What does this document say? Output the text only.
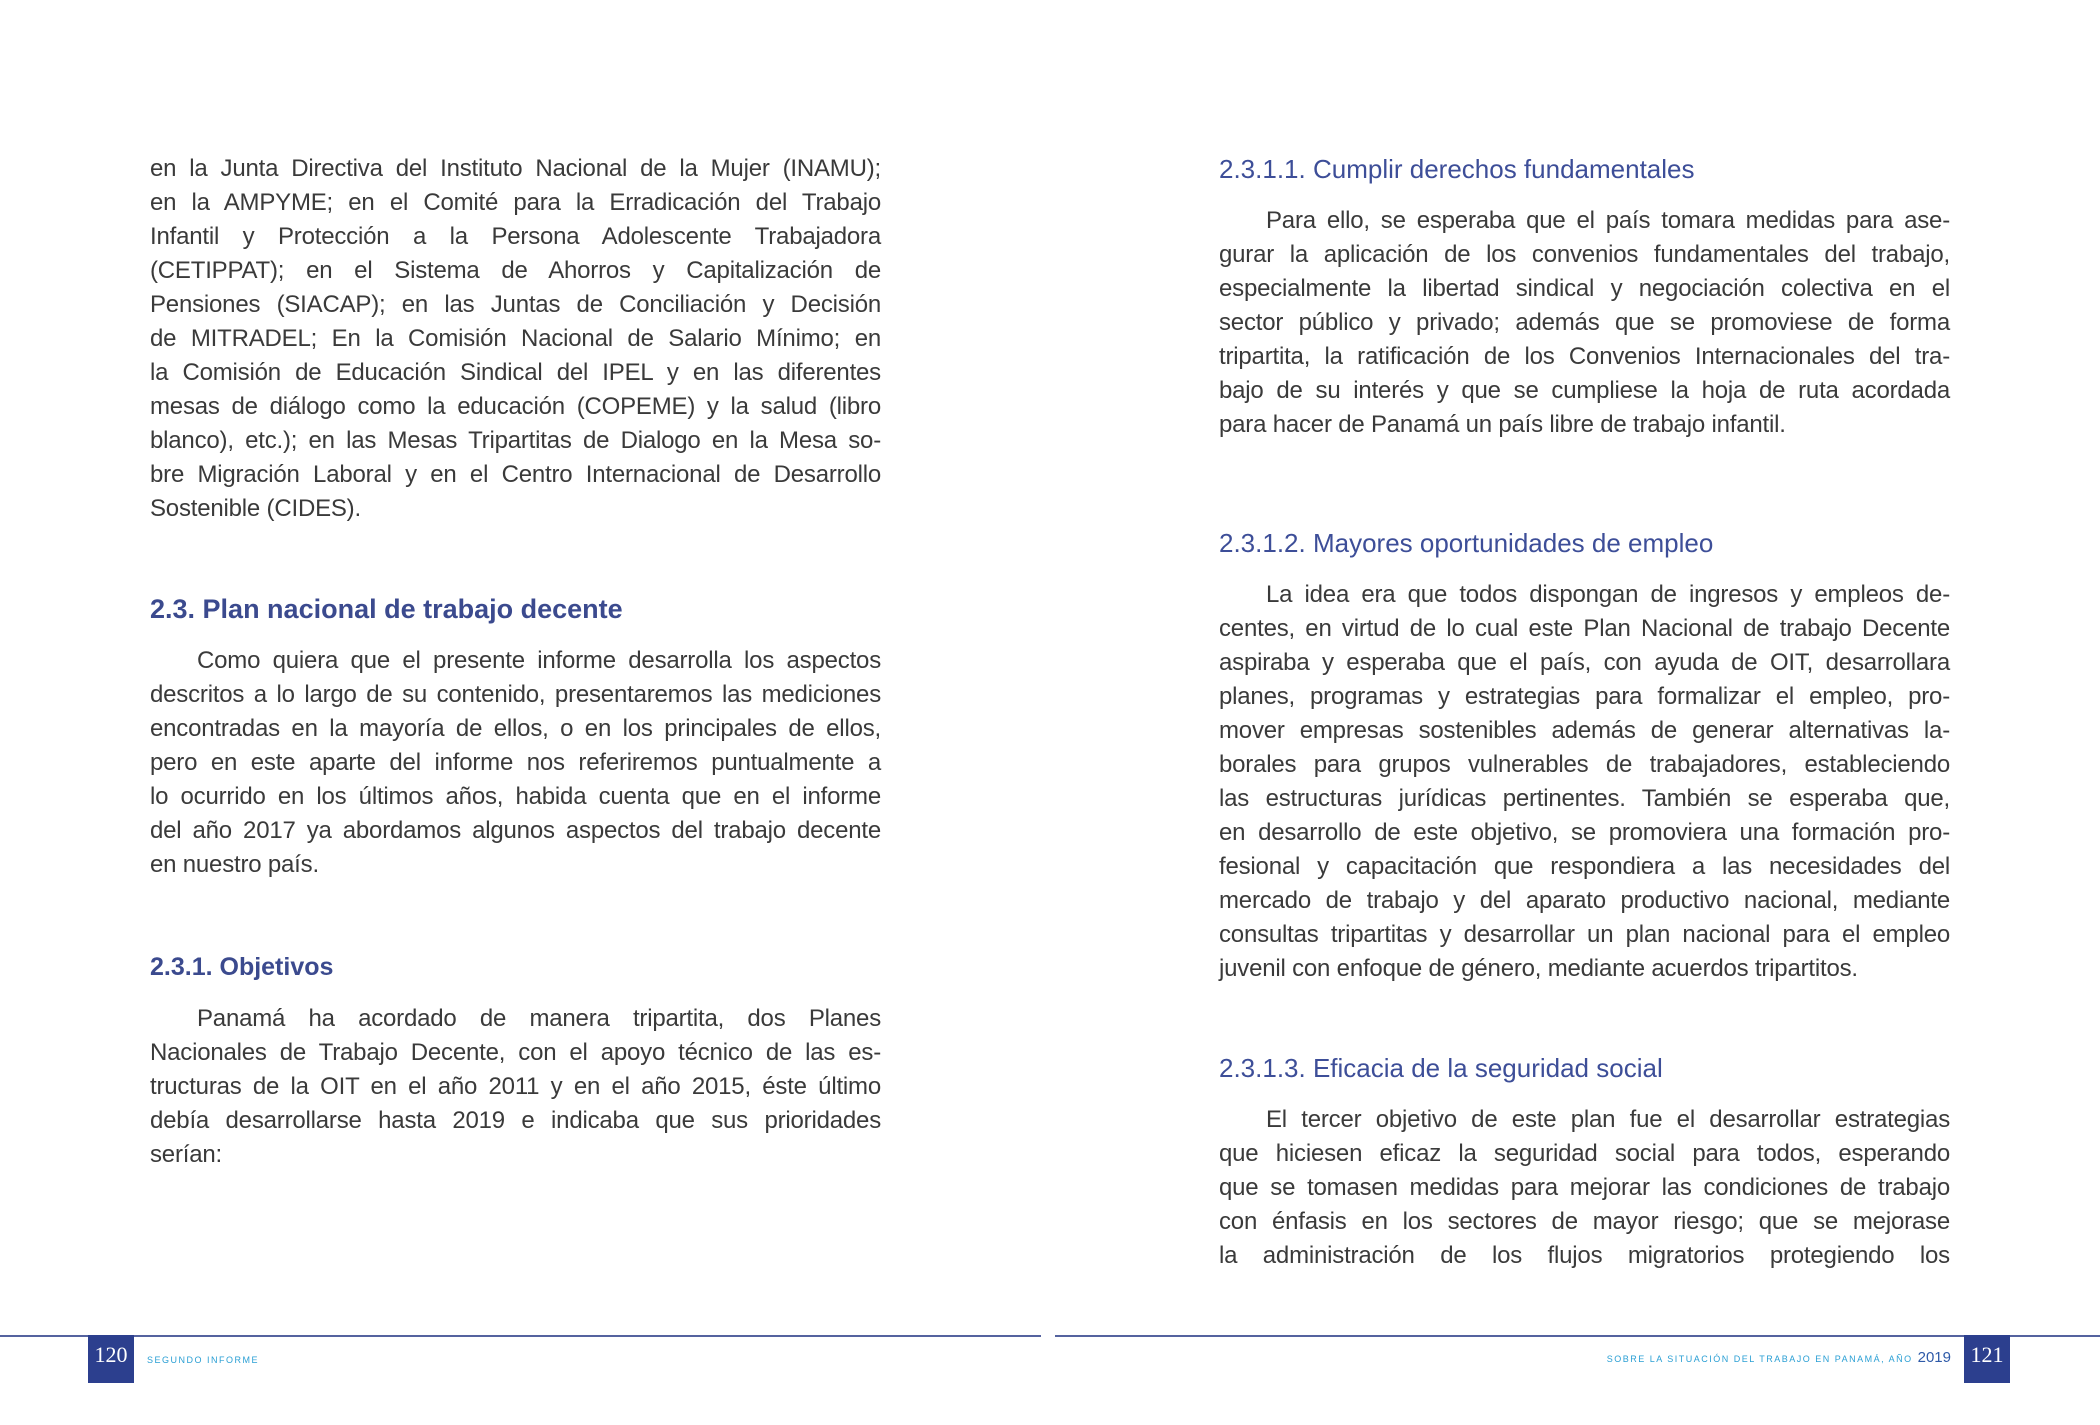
en la Junta Directiva del Instituto Nacional de la Mujer (INAMU);
en la AMPYME; en el Comité para la Erradicación del Trabajo
Infantil y Protección a la Persona Adolescente Trabajadora
(CETIPPAT); en el Sistema de Ahorros y Capitalización de
Pensiones (SIACAP); en las Juntas de Conciliación y Decisión
de MITRADEL; En la Comisión Nacional de Salario Mínimo; en
la Comisión de Educación Sindical del IPEL y en las diferentes
mesas de diálogo como la educación (COPEME) y la salud (libro
blanco), etc.); en las Mesas Tripartitas de Dialogo en la Mesa so-
bre Migración Laboral y en el Centro Internacional de Desarrollo
Sostenible (CIDES).
2.3. Plan nacional de trabajo decente
Como quiera que el presente informe desarrolla los aspectos
descritos a lo largo de su contenido, presentaremos las mediciones
encontradas en la mayoría de ellos, o en los principales de ellos,
pero en este aparte del informe nos referiremos puntualmente a
lo ocurrido en los últimos años, habida cuenta que en el informe
del año 2017 ya abordamos algunos aspectos del trabajo decente
en nuestro país.
2.3.1. Objetivos
Panamá ha acordado de manera tripartita, dos Planes
Nacionales de Trabajo Decente, con el apoyo técnico de las es-
tructuras de la OIT en el año 2011 y en el año 2015, éste último
debía desarrollarse hasta 2019 e indicaba que sus prioridades
serían:
2.3.1.1. Cumplir derechos fundamentales
Para ello, se esperaba que el país tomara medidas para ase-
gurar la aplicación de los convenios fundamentales del trabajo,
especialmente la libertad sindical y negociación colectiva en el
sector público y privado; además que se promoviese de forma
tripartita, la ratificación de los Convenios Internacionales del tra-
bajo de su interés y que se cumpliese la hoja de ruta acordada
para hacer de Panamá un país libre de trabajo infantil.
2.3.1.2. Mayores oportunidades de empleo
La idea era que todos dispongan de ingresos y empleos de-
centes, en virtud de lo cual este Plan Nacional de trabajo Decente
aspiraba y esperaba que el país, con ayuda de OIT, desarrollara
planes, programas y estrategias para formalizar el empleo, pro-
mover empresas sostenibles además de generar alternativas la-
borales para grupos vulnerables de trabajadores, estableciendo
las estructuras jurídicas pertinentes. También se esperaba que,
en desarrollo de este objetivo, se promoviera una formación pro-
fesional y capacitación que respondiera a las necesidades del
mercado de trabajo y del aparato productivo nacional, mediante
consultas tripartitas y desarrollar un plan nacional para el empleo
juvenil con enfoque de género, mediante acuerdos tripartitos.
2.3.1.3. Eficacia de la seguridad social
El tercer objetivo de este plan fue el desarrollar estrategias
que hiciesen eficaz la seguridad social para todos, esperando
que se tomasen medidas para mejorar las condiciones de trabajo
con énfasis en los sectores de mayor riesgo; que se mejorase
la administración de los flujos migratorios protegiendo los
120	SEGUNDO INFORME	SOBRE LA SITUACIÓN DEL TRABAJO EN PANAMÁ, AÑO 2019 121
